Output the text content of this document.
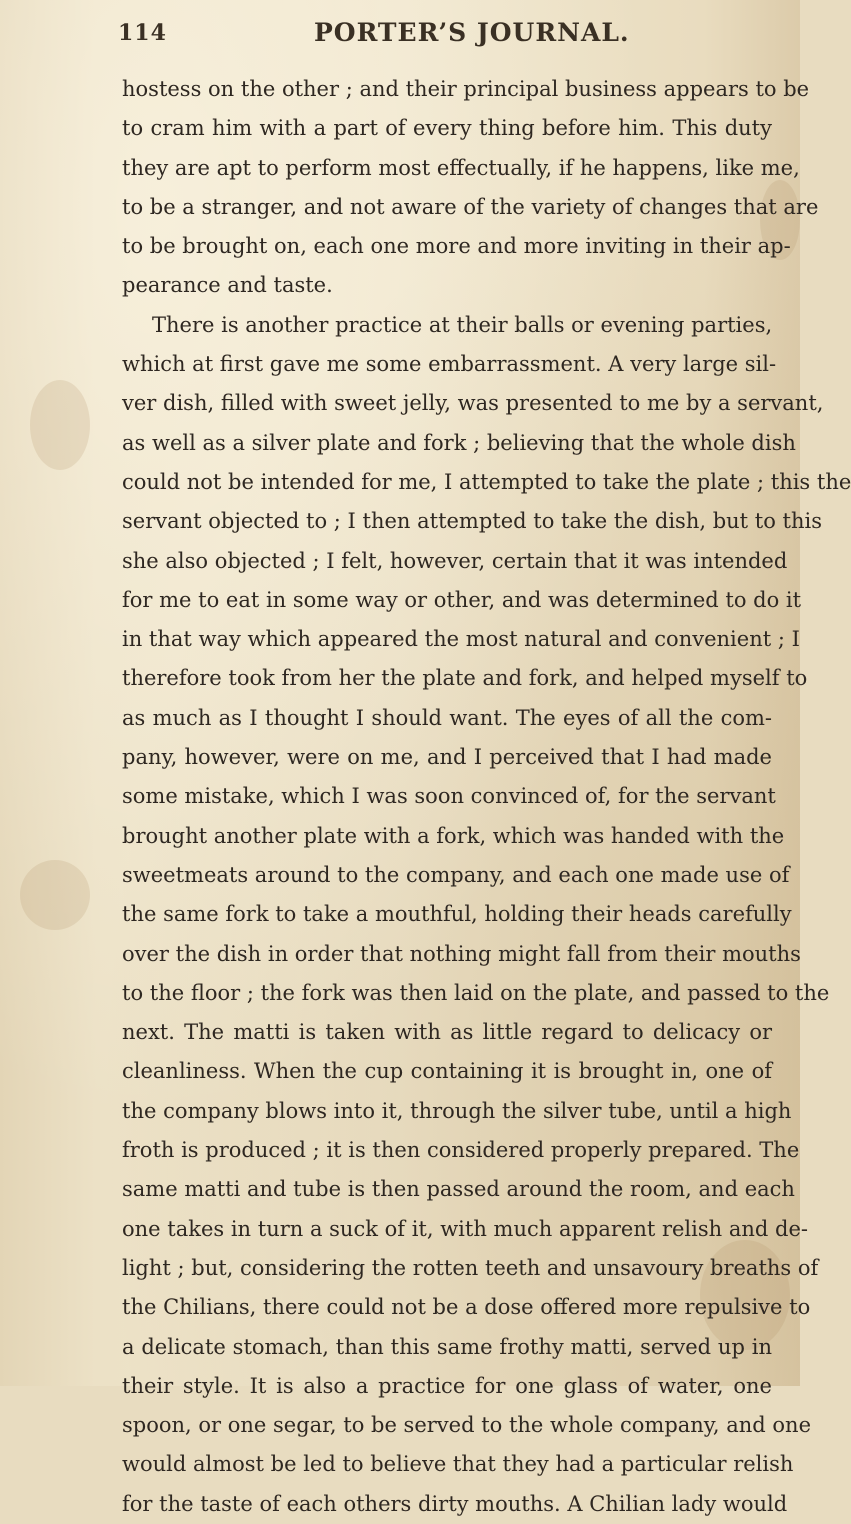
114	PORTER’S JOURNAL.
hostess on the other ; and their principal business appears to be
to cram him with a part of every thing before him. This duty
they are apt to perform most effectually, if he happens, like me,
to be a stranger, and not aware of the variety of changes that are
to be brought on, each one more and more inviting in their ap-
pearance and taste.
There is another practice at their balls or evening parties,
which at first gave me some embarrassment. A very large sil-
ver dish, filled with sweet jelly, was presented to me by a servant,
as well as a silver plate and fork ; believing that the whole dish
could not be intended for me, I attempted to take the plate ; this the
servant objected to ; I then attempted to take the dish, but to this
she also objected ; I felt, however, certain that it was intended
for me to eat in some way or other, and was determined to do it
in that way which appeared the most natural and convenient ; I
therefore took from her the plate and fork, and helped myself to
as much as I thought I should want. The eyes of all the com-
pany, however, were on me, and I perceived that I had made
some mistake, which I was soon convinced of, for the servant
brought another plate with a fork, which was handed with the
sweetmeats around to the company, and each one made use of
the same fork to take a mouthful, holding their heads carefully
over the dish in order that nothing might fall from their mouths
to the floor ; the fork was then laid on the plate, and passed to the
next. The matti is taken with as little regard to delicacy or
cleanliness. When the cup containing it is brought in, one of
the company blows into it, through the silver tube, until a high
froth is produced ; it is then considered properly prepared. The
same matti and tube is then passed around the room, and each
one takes in turn a suck of it, with much apparent relish and de-
light ; but, considering the rotten teeth and unsavoury breaths of
the Chilians, there could not be a dose offered more repulsive to
a delicate stomach, than this same frothy matti, served up in
their style. It is also a practice for one glass of water, one
spoon, or one segar, to be served to the whole company, and one
would almost be led to believe that they had a particular relish
for the taste of each others dirty mouths. A Chilian lady would
